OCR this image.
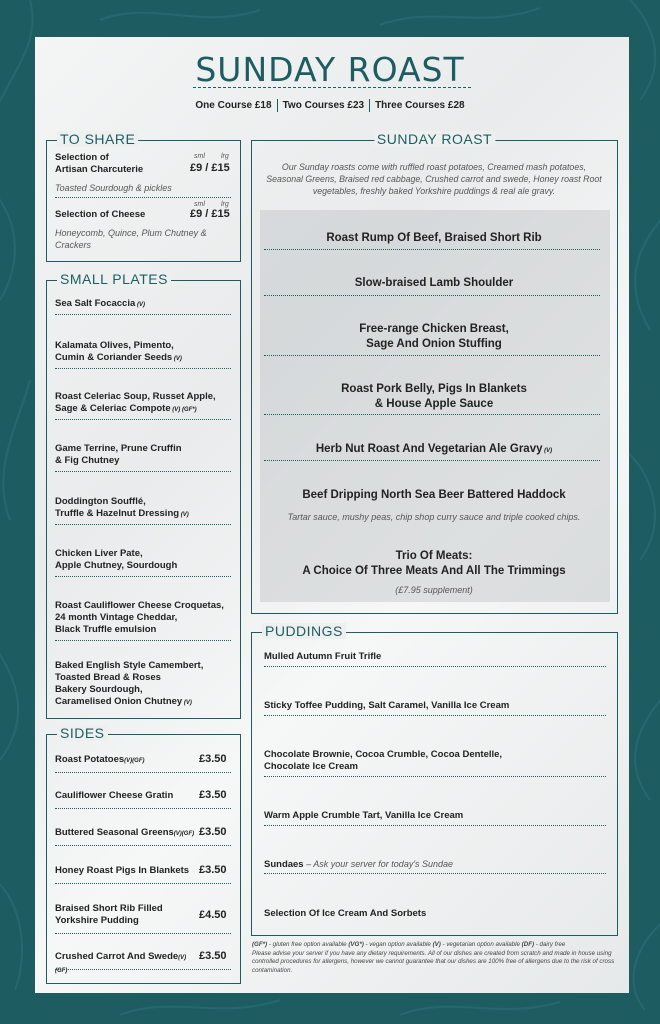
SUNDAY ROAST
One Course £18 Two Courses £23 Three Courses £28
TO SHARE
Selection of
Artisan Charcuterie
sml lrg
£9 / £15
Toasted Sourdough & pickles
sml lrg
Selection of Cheese	£9 / £15
Honeycomb, Quince, Plum Chutney &
Crackers
SMALL PLATES
Sea Salt Focaccia (V)
Kalamata Olives, Pimento,
Cumin & Coriander Seeds (V)
Roast Celeriac Soup, Russet Apple,
Sage & Celeriac Compote (V) (GF*)
Game Terrine, Prune Cruffin
& Fig Chutney
Doddington Soufflé,
Truffle & Hazelnut Dressing (V)
Chicken Liver Pate,
Apple Chutney, Sourdough
Roast Cauliflower Cheese Croquetas,
24 month Vintage Cheddar,
Black Truffle emulsion
Baked English Style Camembert,
Toasted Bread & Roses
Bakery Sourdough,
Caramelised Onion Chutney (V)
SIDES
Roast Potatoes(V)(GF)	£3.50
Cauliflower Cheese Gratin	£3.50
Buttered Seasonal Greens(V)(GF) £3.50
Honey Roast Pigs In Blankets £3.50
Braised Short Rib Filled
Yorkshire Pudding	£4.50
Crushed Carrot And Swede(V)(GF)
£3.50
SUNDAY ROAST
Our Sunday roasts come with ruffled roast potatoes, Creamed mash potatoes, Seasonal Greens, Braised red cabbage, Crushed carrot and swede, Honey roast Root vegetables, freshly baked Yorkshire puddings & real ale gravy.
Roast Rump Of Beef, Braised Short Rib
Slow-braised Lamb Shoulder
Free-range Chicken Breast,
Sage And Onion Stuffing
Roast Pork Belly, Pigs In Blankets
& House Apple Sauce
Herb Nut Roast And Vegetarian Ale Gravy (V)
Beef Dripping North Sea Beer Battered Haddock
Trio Of Meats:
A Choice Of Three Meats And All The Trimmings
Tartar sauce, mushy peas, chip shop curry sauce and triple cooked chips.
(£7.95 supplement)
PUDDINGS
Mulled Autumn Fruit Trifle
Sticky Toffee Pudding, Salt Caramel, Vanilla Ice Cream
Chocolate Brownie, Cocoa Crumble, Cocoa Dentelle,
Chocolate Ice Cream
Warm Apple Crumble Tart, Vanilla Ice Cream
Sundaes – Ask your server for today's Sundae
Selection Of Ice Cream And Sorbets
(GF*) - gluten free option available (VG*) - vegan option available (V) - vegetarian option available (DF) - dairy free
Please advise your server if you have any dietary requirements. All of our dishes are created from scratch and made in house using controlled procedures for allergens, however we cannot guarantee that our dishes are 100% free of allergens due to the risk of cross contamination.
